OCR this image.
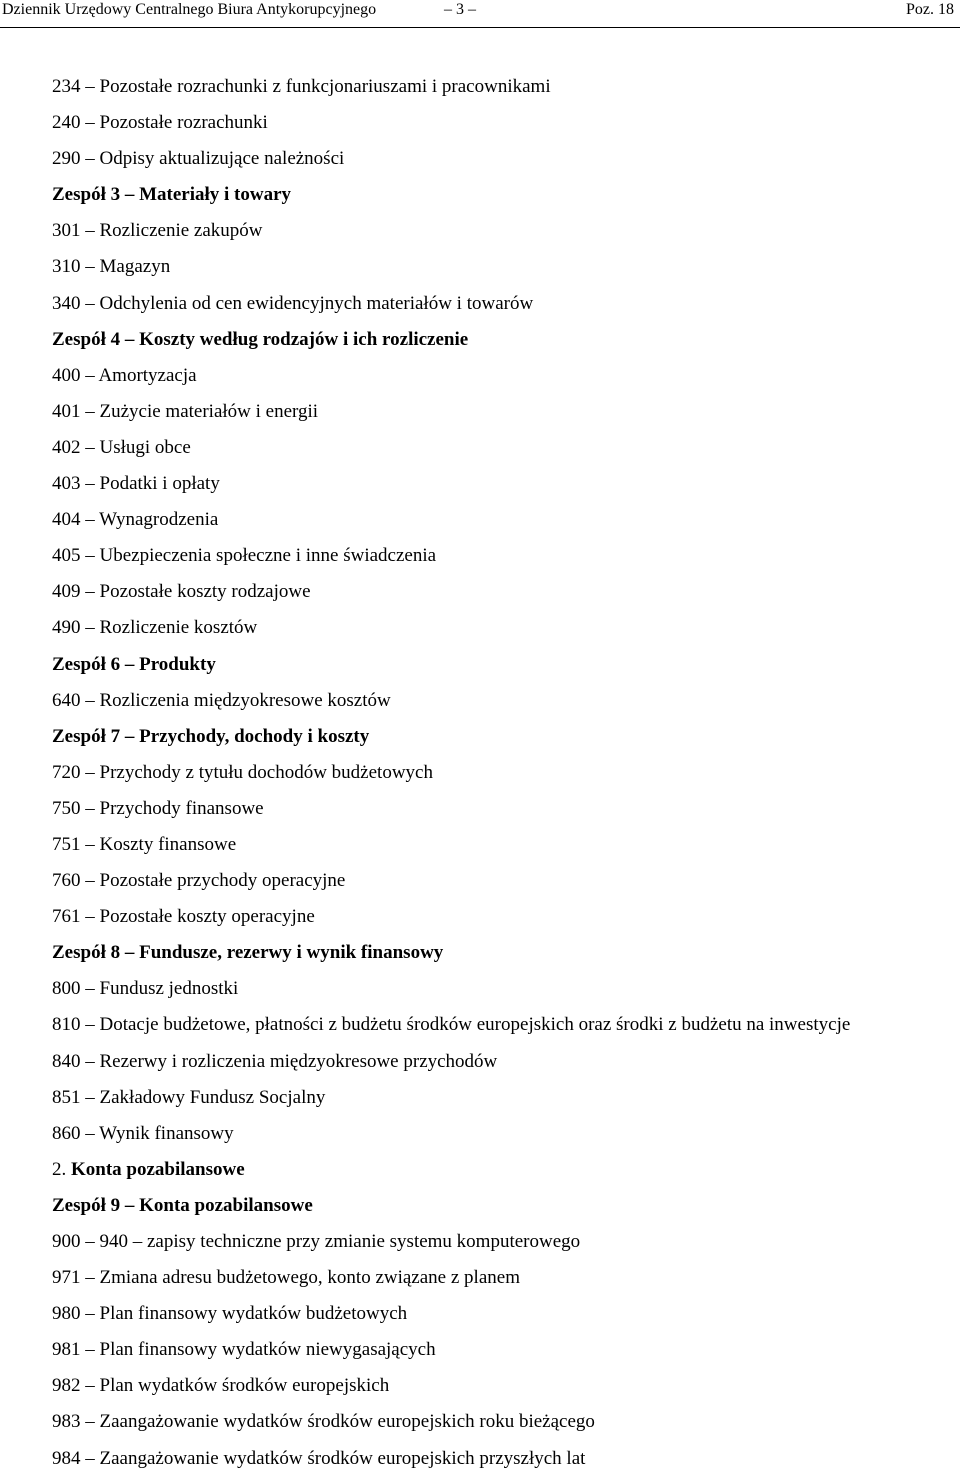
Dziennik Urzędowy Centralnego Biura Antykorupcyjnego	– 3 –	Poz. 18
234 – Pozostałe rozrachunki z funkcjonariuszami i pracownikami
240 – Pozostałe rozrachunki
290 – Odpisy aktualizujące należności
Zespół 3 – Materiały i towary
301 – Rozliczenie zakupów
310 – Magazyn
340 – Odchylenia od cen ewidencyjnych materiałów i towarów
Zespół 4 – Koszty według rodzajów i ich rozliczenie
400 – Amortyzacja
401 – Zużycie materiałów i energii
402 – Usługi obce
403 – Podatki i opłaty
404 – Wynagrodzenia
405 – Ubezpieczenia społeczne i inne świadczenia
409 – Pozostałe koszty rodzajowe
490 – Rozliczenie kosztów
Zespół 6 – Produkty
640 – Rozliczenia międzyokresowe kosztów
Zespół 7 – Przychody, dochody i koszty
720 – Przychody z tytułu dochodów budżetowych
750 – Przychody finansowe
751 – Koszty finansowe
760 – Pozostałe przychody operacyjne
761 – Pozostałe koszty operacyjne
Zespół 8 – Fundusze, rezerwy i wynik finansowy
800 – Fundusz jednostki
810 – Dotacje budżetowe, płatności z budżetu środków europejskich oraz środki z budżetu na inwestycje
840 – Rezerwy i rozliczenia międzyokresowe przychodów
851 – Zakładowy Fundusz Socjalny
860 – Wynik finansowy
2. Konta pozabilansowe
Zespół 9 – Konta pozabilansowe
900 – 940 – zapisy techniczne przy zmianie systemu komputerowego
971 – Zmiana adresu budżetowego, konto związane z planem
980 – Plan finansowy wydatków budżetowych
981 – Plan finansowy wydatków niewygasających
982 – Plan wydatków środków europejskich
983 – Zaangażowanie wydatków środków europejskich roku bieżącego
984 – Zaangażowanie wydatków środków europejskich przyszłych lat
